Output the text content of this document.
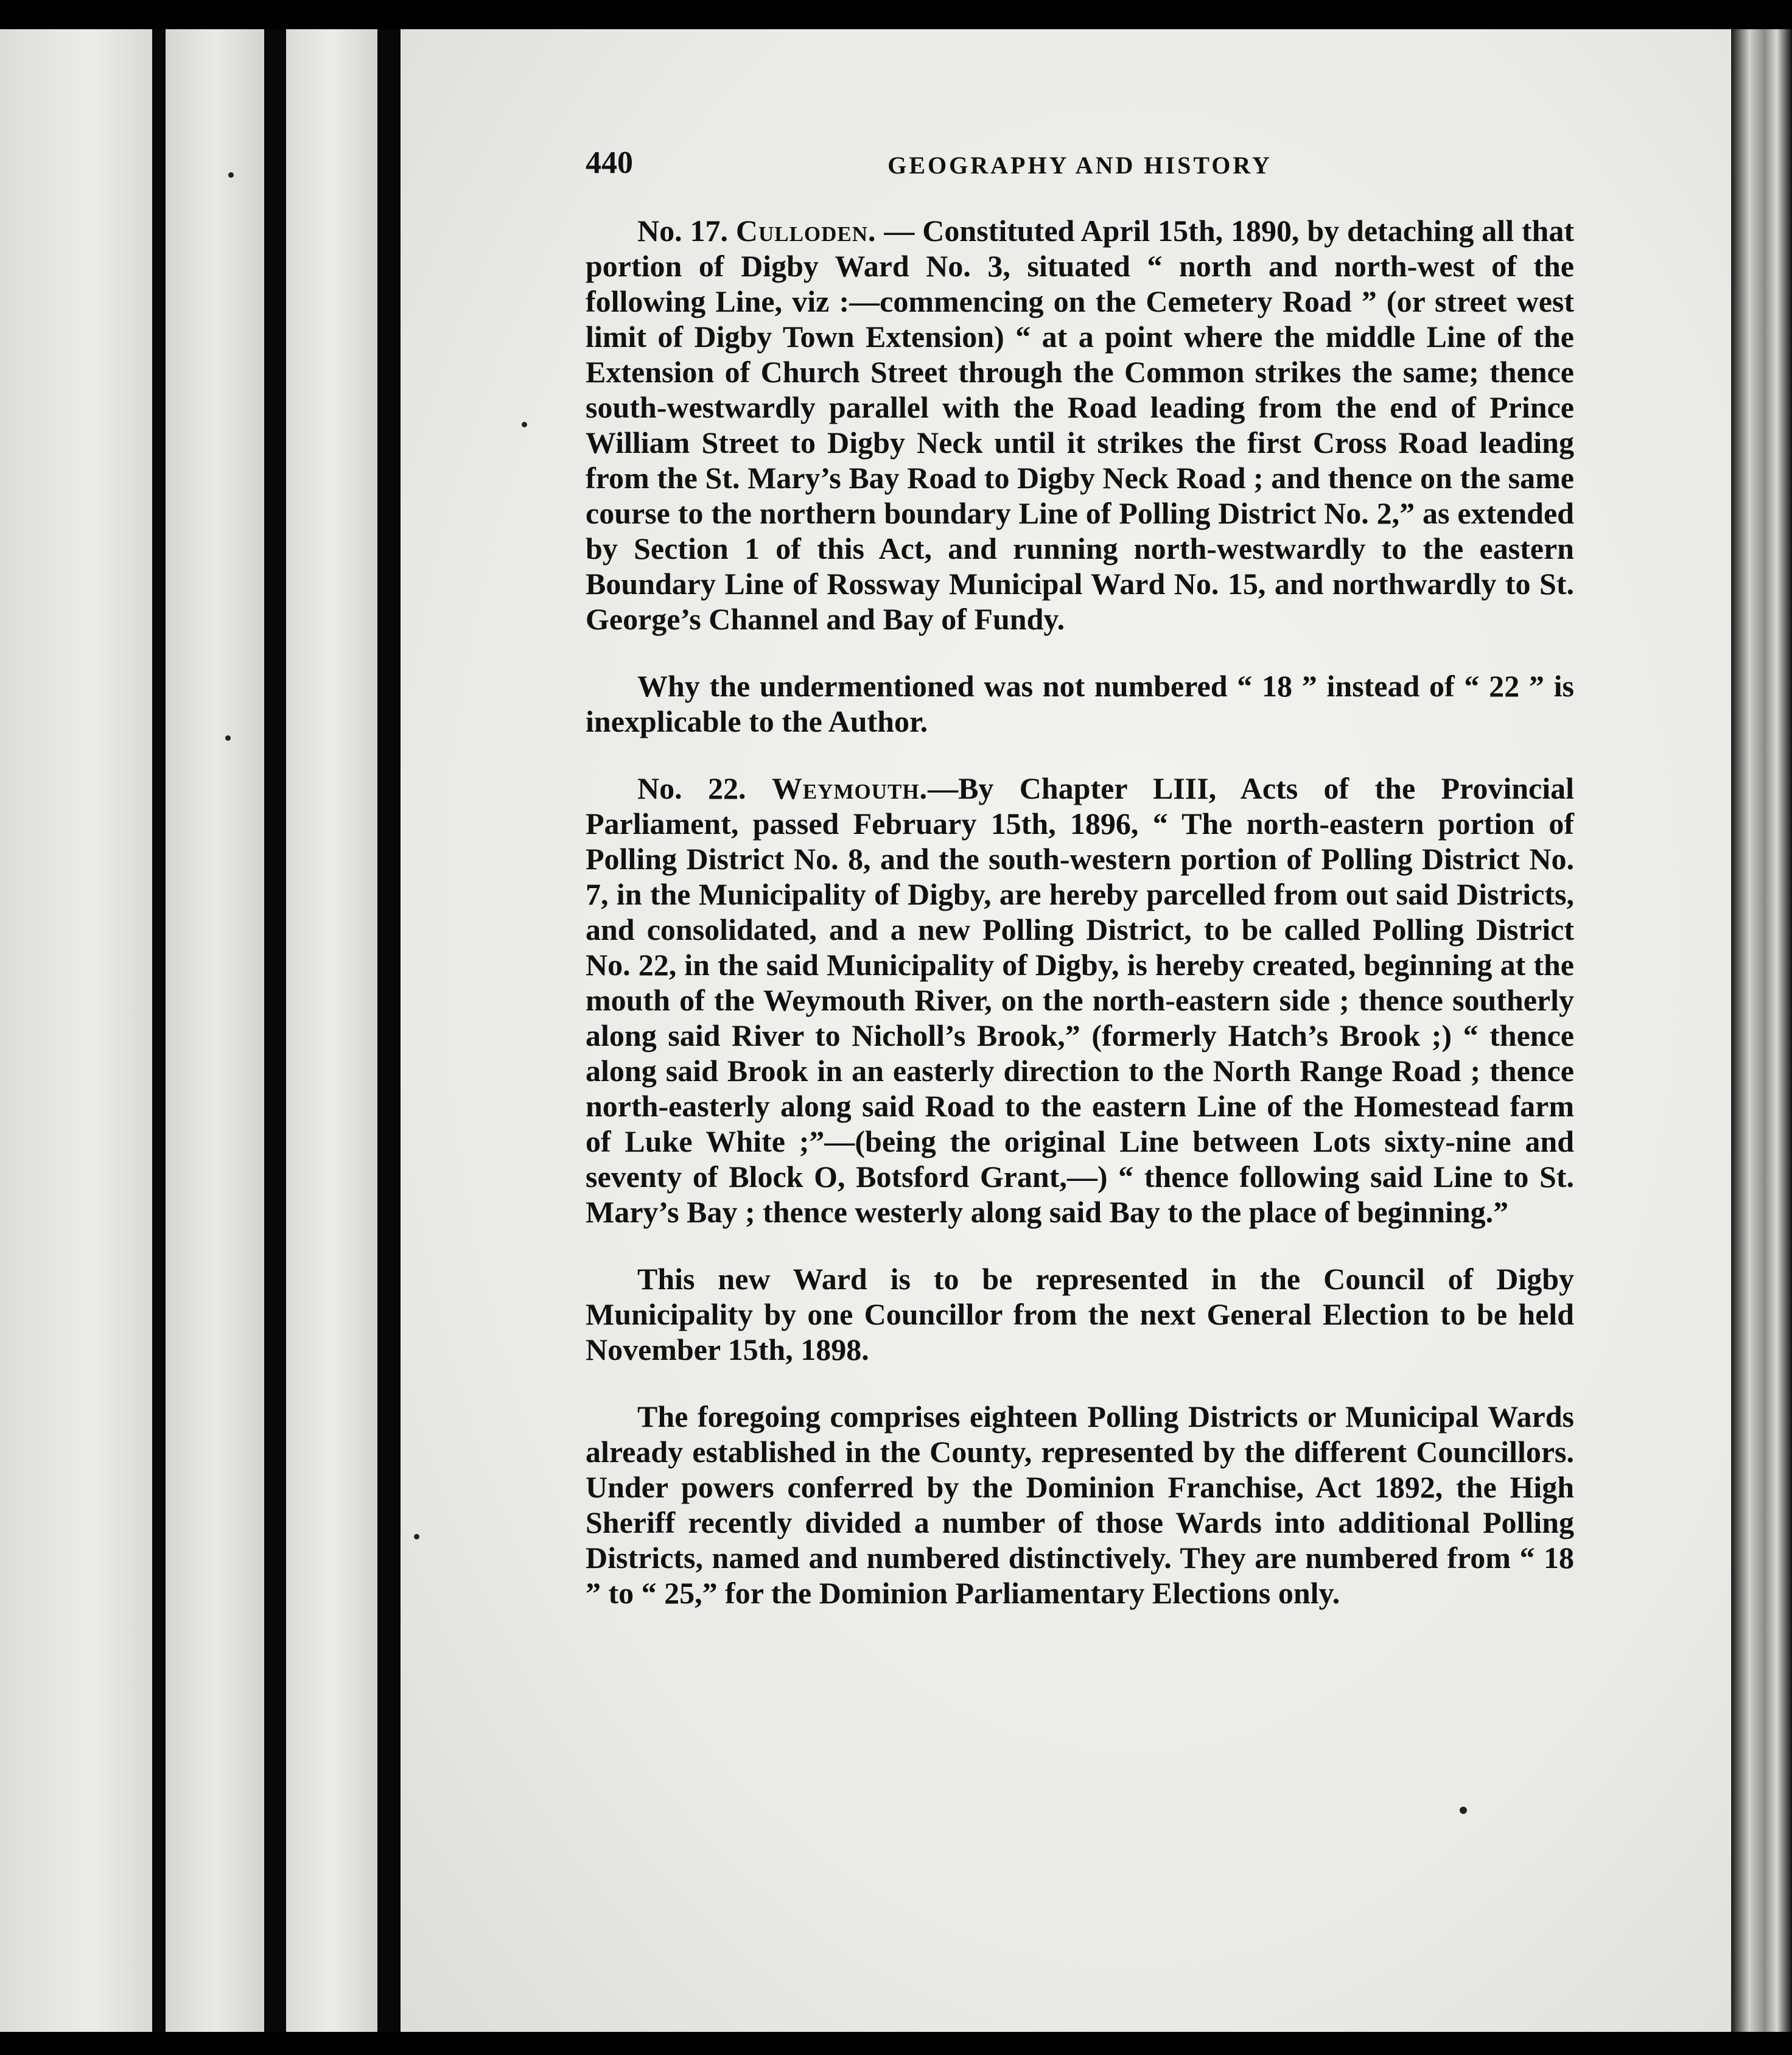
440	GEOGRAPHY AND HISTORY

No. 17. Culloden. — Constituted April 15th, 1890, by detaching all that portion of Digby Ward No. 3, situated “ north and north-west of the following Line, viz :—commencing on the Cemetery Road ” (or street west limit of Digby Town Extension) “ at a point where the middle Line of the Extension of Church Street through the Common strikes the same; thence south-westwardly parallel with the Road leading from the end of Prince William Street to Digby Neck until it strikes the first Cross Road leading from the St. Mary’s Bay Road to Digby Neck Road ; and thence on the same course to the northern boundary Line of Polling District No. 2,” as extended by Section 1 of this Act, and running north-westwardly to the eastern Boundary Line of Rossway Municipal Ward No. 15, and northwardly to St. George’s Channel and Bay of Fundy.

Why the undermentioned was not numbered “ 18 ” instead of “ 22 ” is inexplicable to the Author.

No. 22. Weymouth.—By Chapter LIII, Acts of the Provincial Parliament, passed February 15th, 1896, “ The north-eastern portion of Polling District No. 8, and the south-western portion of Polling District No. 7, in the Municipality of Digby, are hereby parcelled from out said Districts, and consolidated, and a new Polling District, to be called Polling District No. 22, in the said Municipality of Digby, is hereby created, beginning at the mouth of the Weymouth River, on the north-eastern side ; thence southerly along said River to Nicholl’s Brook,” (formerly Hatch’s Brook ;) “ thence along said Brook in an easterly direction to the North Range Road ; thence north-easterly along said Road to the eastern Line of the Homestead farm of Luke White ;”—(being the original Line between Lots sixty-nine and seventy of Block O, Botsford Grant,—) “ thence following said Line to St. Mary’s Bay ; thence westerly along said Bay to the place of beginning.”

This new Ward is to be represented in the Council of Digby Municipality by one Councillor from the next General Election to be held November 15th, 1898.

The foregoing comprises eighteen Polling Districts or Municipal Wards already established in the County, represented by the different Councillors. Under powers conferred by the Dominion Franchise, Act 1892, the High Sheriff recently divided a number of those Wards into additional Polling Districts, named and numbered distinctively. They are numbered from “ 18 ” to “ 25,” for the Dominion Parliamentary Elections only.
